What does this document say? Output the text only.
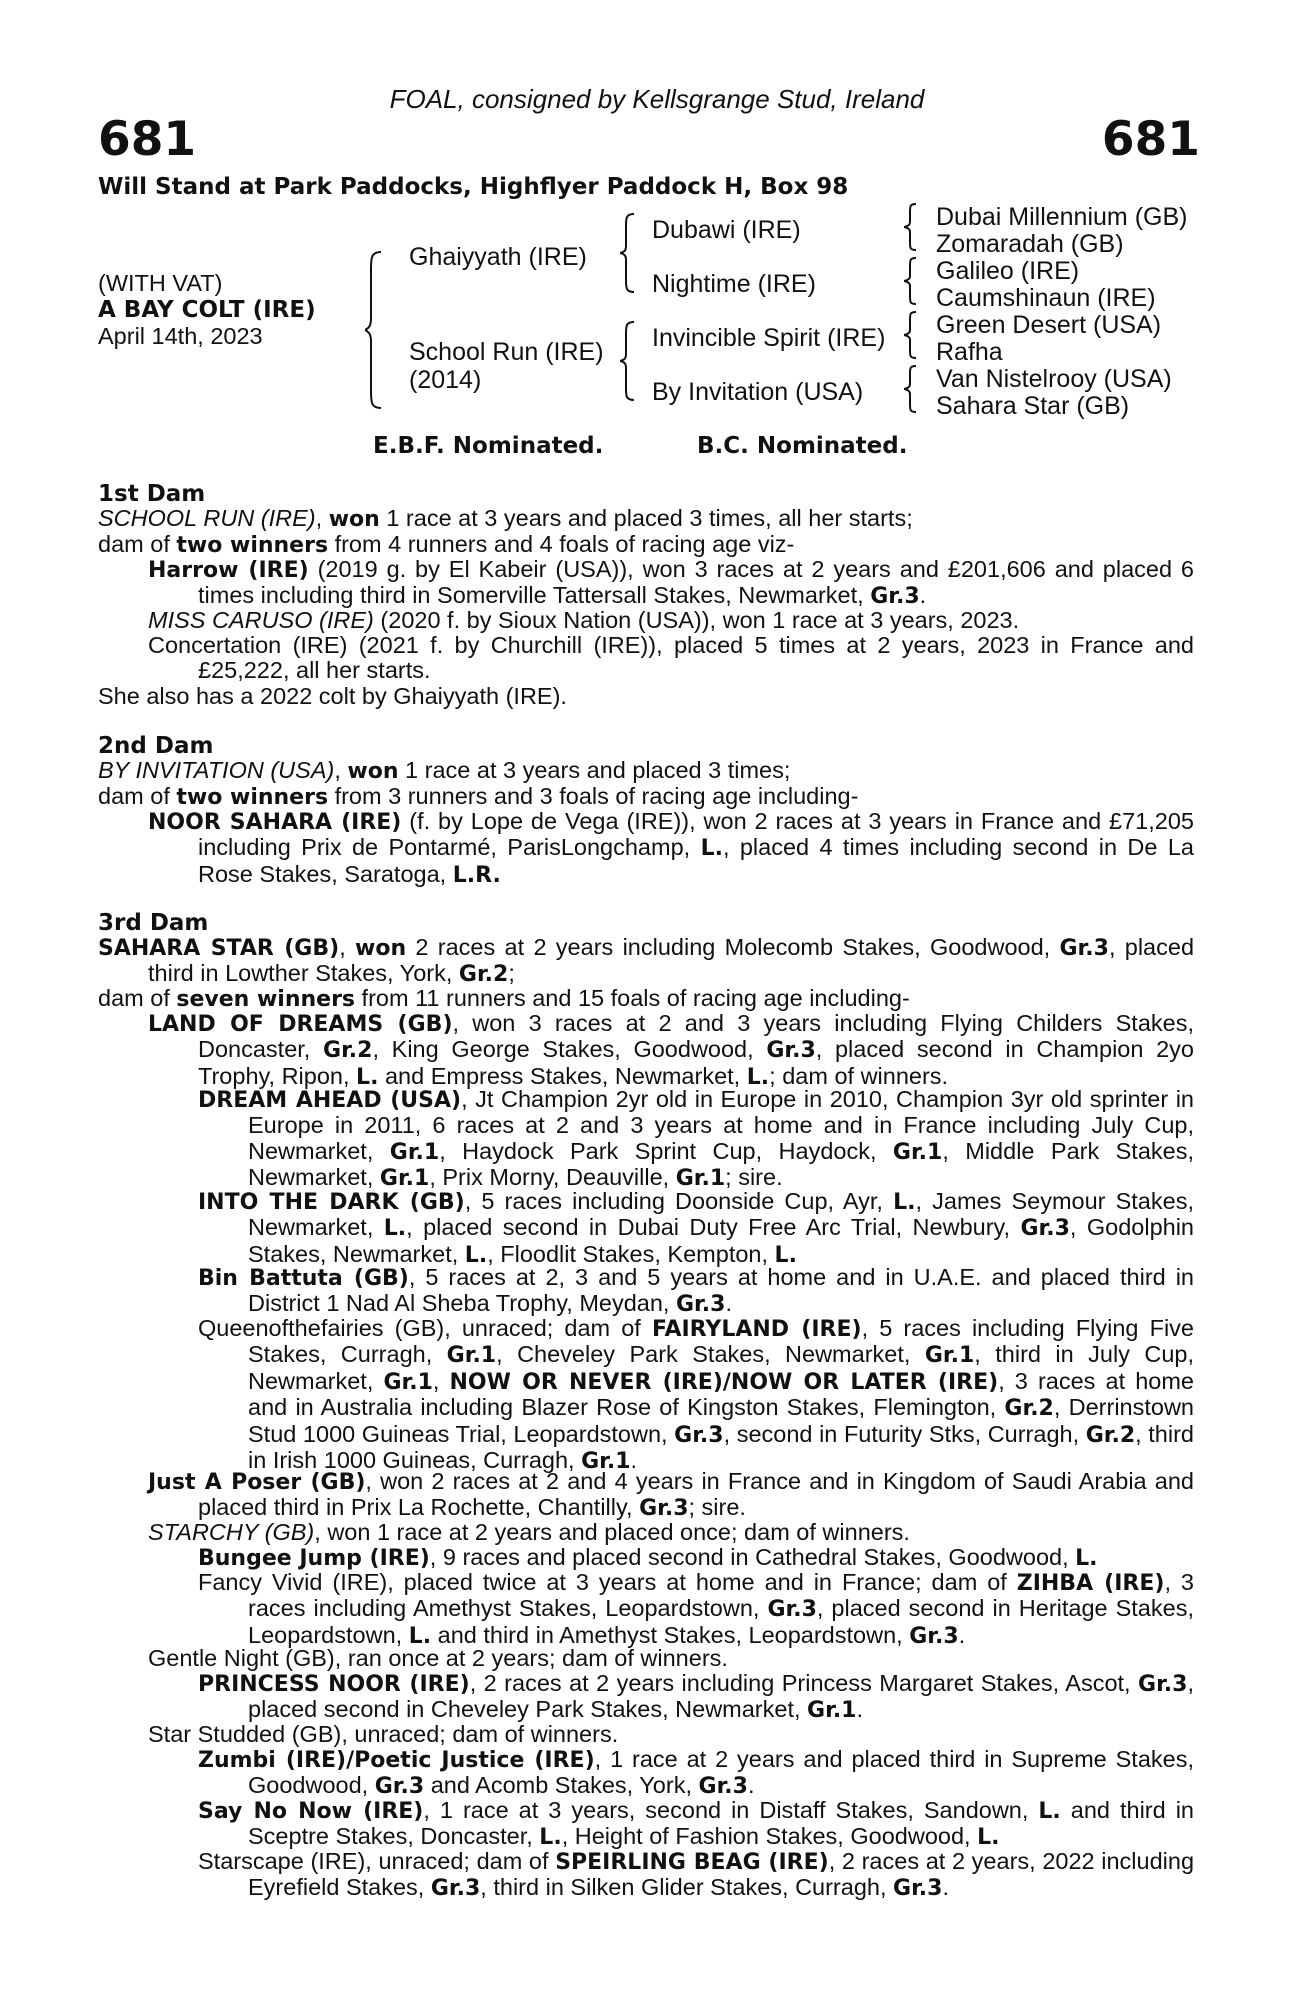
FOAL, consigned by Kellsgrange Stud, Ireland
681	681
Will Stand at Park Paddocks, Highflyer Paddock H, Box 98
(WITH VAT)
A BAY COLT (IRE)
April 14th, 2023
Ghaiyyath (IRE)
School Run (IRE)
(2014)
Dubawi (IRE)
Nightime (IRE)
Invincible Spirit (IRE)
By Invitation (USA)
Dubai Millennium (GB)
Zomaradah (GB)
Galileo (IRE)
Caumshinaun (IRE)
Green Desert (USA)
Rafha
Van Nistelrooy (USA)
Sahara Star (GB)
E.B.F. Nominated.	B.C. Nominated.
1st Dam
SCHOOL RUN (IRE), won 1 race at 3 years and placed 3 times, all her starts;
dam of two winners from 4 runners and 4 foals of racing age viz-
Harrow (IRE) (2019 g. by El Kabeir (USA)), won 3 races at 2 years and £201,606 and placed 6 times including third in Somerville Tattersall Stakes, Newmarket, Gr.3.
MISS CARUSO (IRE) (2020 f. by Sioux Nation (USA)), won 1 race at 3 years, 2023.
Concertation (IRE) (2021 f. by Churchill (IRE)), placed 5 times at 2 years, 2023 in France and £25,222, all her starts.
She also has a 2022 colt by Ghaiyyath (IRE).
2nd Dam
BY INVITATION (USA), won 1 race at 3 years and placed 3 times;
dam of two winners from 3 runners and 3 foals of racing age including-
NOOR SAHARA (IRE) (f. by Lope de Vega (IRE)), won 2 races at 3 years in France and £71,205 including Prix de Pontarmé, ParisLongchamp, L., placed 4 times including second in De La Rose Stakes, Saratoga, L.R.
3rd Dam
SAHARA STAR (GB), won 2 races at 2 years including Molecomb Stakes, Goodwood, Gr.3, placed third in Lowther Stakes, York, Gr.2;
dam of seven winners from 11 runners and 15 foals of racing age including-
LAND OF DREAMS (GB), won 3 races at 2 and 3 years including Flying Childers Stakes, Doncaster, Gr.2, King George Stakes, Goodwood, Gr.3, placed second in Champion 2yo Trophy, Ripon, L. and Empress Stakes, Newmarket, L.; dam of winners.
DREAM AHEAD (USA), Jt Champion 2yr old in Europe in 2010, Champion 3yr old sprinter in Europe in 2011, 6 races at 2 and 3 years at home and in France including July Cup, Newmarket, Gr.1, Haydock Park Sprint Cup, Haydock, Gr.1, Middle Park Stakes, Newmarket, Gr.1, Prix Morny, Deauville, Gr.1; sire.
INTO THE DARK (GB), 5 races including Doonside Cup, Ayr, L., James Seymour Stakes, Newmarket, L., placed second in Dubai Duty Free Arc Trial, Newbury, Gr.3, Godolphin Stakes, Newmarket, L., Floodlit Stakes, Kempton, L.
Bin Battuta (GB), 5 races at 2, 3 and 5 years at home and in U.A.E. and placed third in District 1 Nad Al Sheba Trophy, Meydan, Gr.3.
Queenofthefairies (GB), unraced; dam of FAIRYLAND (IRE), 5 races including Flying Five Stakes, Curragh, Gr.1, Cheveley Park Stakes, Newmarket, Gr.1, third in July Cup, Newmarket, Gr.1, NOW OR NEVER (IRE)/NOW OR LATER (IRE), 3 races at home and in Australia including Blazer Rose of Kingston Stakes, Flemington, Gr.2, Derrinstown Stud 1000 Guineas Trial, Leopardstown, Gr.3, second in Futurity Stks, Curragh, Gr.2, third in Irish 1000 Guineas, Curragh, Gr.1.
Just A Poser (GB), won 2 races at 2 and 4 years in France and in Kingdom of Saudi Arabia and placed third in Prix La Rochette, Chantilly, Gr.3; sire.
STARCHY (GB), won 1 race at 2 years and placed once; dam of winners.
Bungee Jump (IRE), 9 races and placed second in Cathedral Stakes, Goodwood, L.
Fancy Vivid (IRE), placed twice at 3 years at home and in France; dam of ZIHBA (IRE), 3 races including Amethyst Stakes, Leopardstown, Gr.3, placed second in Heritage Stakes, Leopardstown, L. and third in Amethyst Stakes, Leopardstown, Gr.3.
Gentle Night (GB), ran once at 2 years; dam of winners.
PRINCESS NOOR (IRE), 2 races at 2 years including Princess Margaret Stakes, Ascot, Gr.3, placed second in Cheveley Park Stakes, Newmarket, Gr.1.
Star Studded (GB), unraced; dam of winners.
Zumbi (IRE)/Poetic Justice (IRE), 1 race at 2 years and placed third in Supreme Stakes, Goodwood, Gr.3 and Acomb Stakes, York, Gr.3.
Say No Now (IRE), 1 race at 3 years, second in Distaff Stakes, Sandown, L. and third in Sceptre Stakes, Doncaster, L., Height of Fashion Stakes, Goodwood, L.
Starscape (IRE), unraced; dam of SPEIRLING BEAG (IRE), 2 races at 2 years, 2022 including Eyrefield Stakes, Gr.3, third in Silken Glider Stakes, Curragh, Gr.3.
